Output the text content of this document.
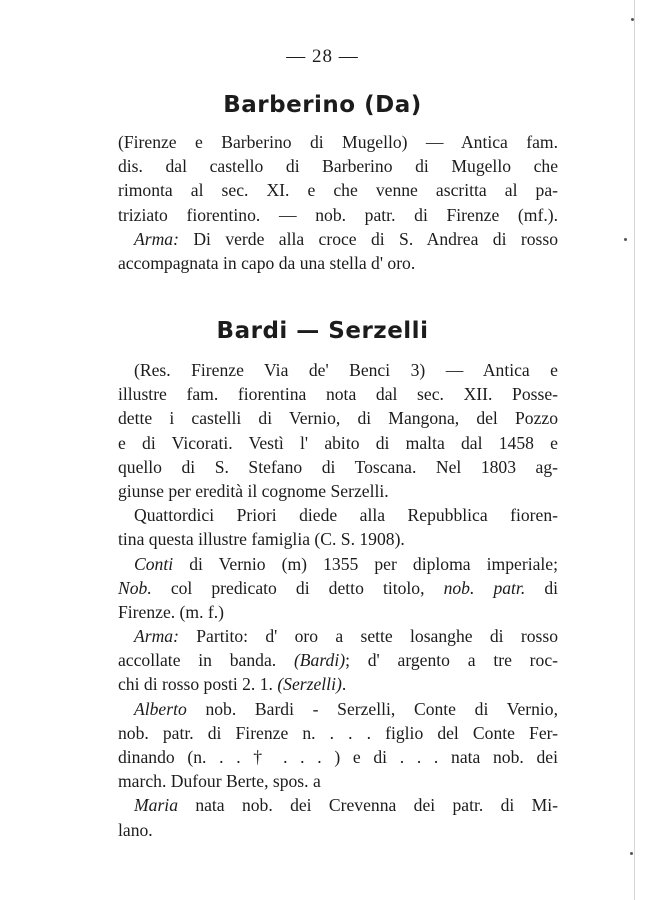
— 28 —
Barberino (Da)
(Firenze e Barberino di Mugello) — Antica fam.
dis. dal castello di Barberino di Mugello che
rimonta al sec. XI. e che venne ascritta al pa-
triziato fiorentino. — nob. patr. di Firenze (mf.).
Arma: Di verde alla croce di S. Andrea di rosso
accompagnata in capo da una stella d' oro.
Bardi — Serzelli
(Res. Firenze Via de' Benci 3) — Antica e
illustre fam. fiorentina nota dal sec. XII. Posse-
dette i castelli di Vernio, di Mangona, del Pozzo
e di Vicorati. Vestì l' abito di malta dal 1458 e
quello di S. Stefano di Toscana. Nel 1803 ag-
giunse per eredità il cognome Serzelli.
Quattordici Priori diede alla Repubblica fioren-
tina questa illustre famiglia (C. S. 1908).
Conti di Vernio (m) 1355 per diploma imperiale;
Nob. col predicato di detto titolo, nob. patr. di
Firenze. (m. f.)
Arma: Partito: d' oro a sette losanghe di rosso
accollate in banda. (Bardi); d' argento a tre roc-
chi di rosso posti 2. 1. (Serzelli).
Alberto nob. Bardi - Serzelli, Conte di Vernio,
nob. patr. di Firenze n. . . . figlio del Conte Fer-
dinando (n. . . † . . . ) e di . . . nata nob. dei
march. Dufour Berte, spos. a
Maria nata nob. dei Crevenna dei patr. di Mi-
lano.
